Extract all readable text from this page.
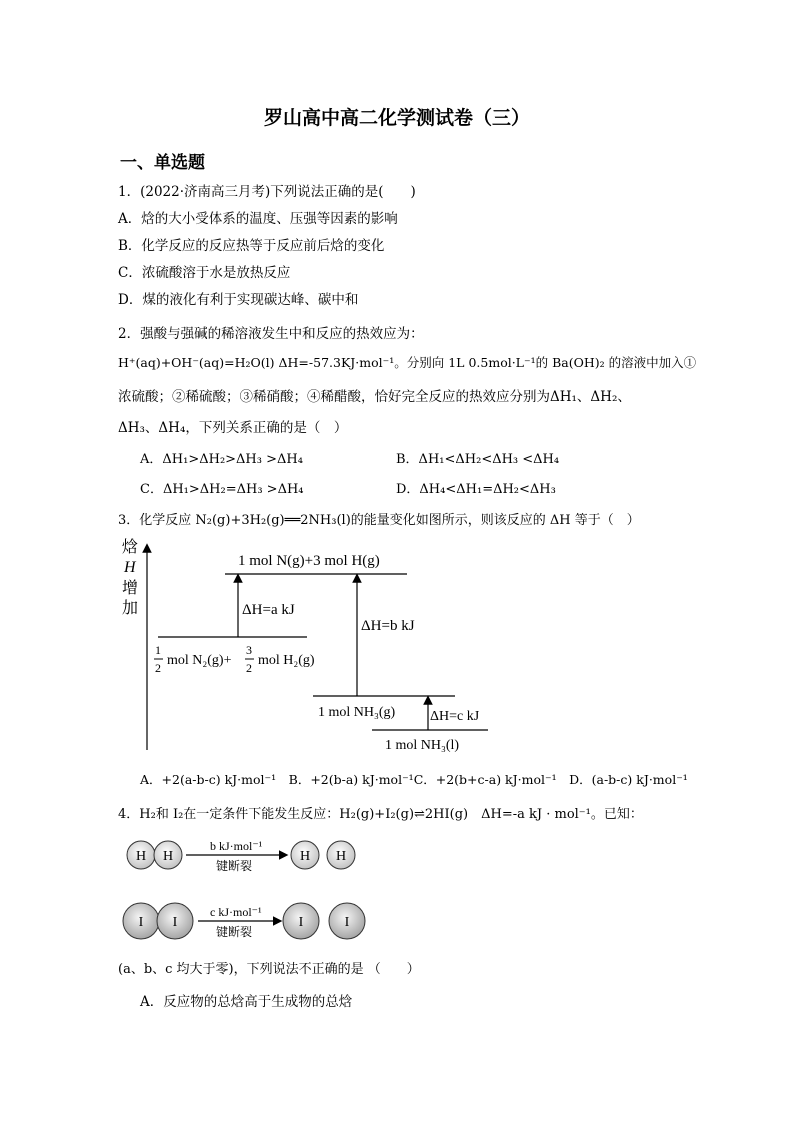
罗山高中高二化学测试卷（三）
一、单选题
1．(2022·济南高三月考)下列说法正确的是(　　)
A．焓的大小受体系的温度、压强等因素的影响
B．化学反应的反应热等于反应前后焓的变化
C．浓硫酸溶于水是放热反应
D．煤的液化有利于实现碳达峰、碳中和
2．强酸与强碱的稀溶液发生中和反应的热效应为：
H⁺(aq)+OH⁻(aq)=H₂O(l) ΔH=-57.3KJ·mol⁻¹。分别向 1L 0.5mol·L⁻¹的 Ba(OH)₂ 的溶液中加入①
浓硫酸；②稀硫酸；③稀硝酸；④稀醋酸，恰好完全反应的热效应分别为ΔH₁、ΔH₂、
ΔH₃、ΔH₄，下列关系正确的是（　）
A．ΔH₁>ΔH₂>ΔH₃ >ΔH₄	B．ΔH₁<ΔH₂<ΔH₃ <ΔH₄
C．ΔH₁>ΔH₂=ΔH₃ >ΔH₄	D．ΔH₄<ΔH₁=ΔH₂<ΔH₃
3．化学反应 N₂(g)+3H₂(g)══2NH₃(l)的能量变化如图所示，则该反应的 ΔH 等于（　）
焓
H
增
加
1 mol N(g)+3 mol H(g)
ΔH=a kJ
1
2 mol N₂(g)+
3
2 mol H₂(g)
ΔH=b kJ
1 mol NH₃(g) ΔH=c kJ
1 mol NH₃(l)
A．+2(a-b-c) kJ·mol⁻¹　B．+2(b-a) kJ·mol⁻¹C．+2(b+c-a) kJ·mol⁻¹　D．(a-b-c) kJ·mol⁻¹
4．H₂和 I₂在一定条件下能发生反应：H₂(g)+I₂(g)⇌2HI(g)　ΔH=-a kJ · mol⁻¹。已知：
H H
b kJ·mol⁻¹
键断裂
H H
I I
c kJ·mol⁻¹
键断裂
I	I
(a、b、c 均大于零)，下列说法不正确的是 （　　）
A．反应物的总焓高于生成物的总焓
